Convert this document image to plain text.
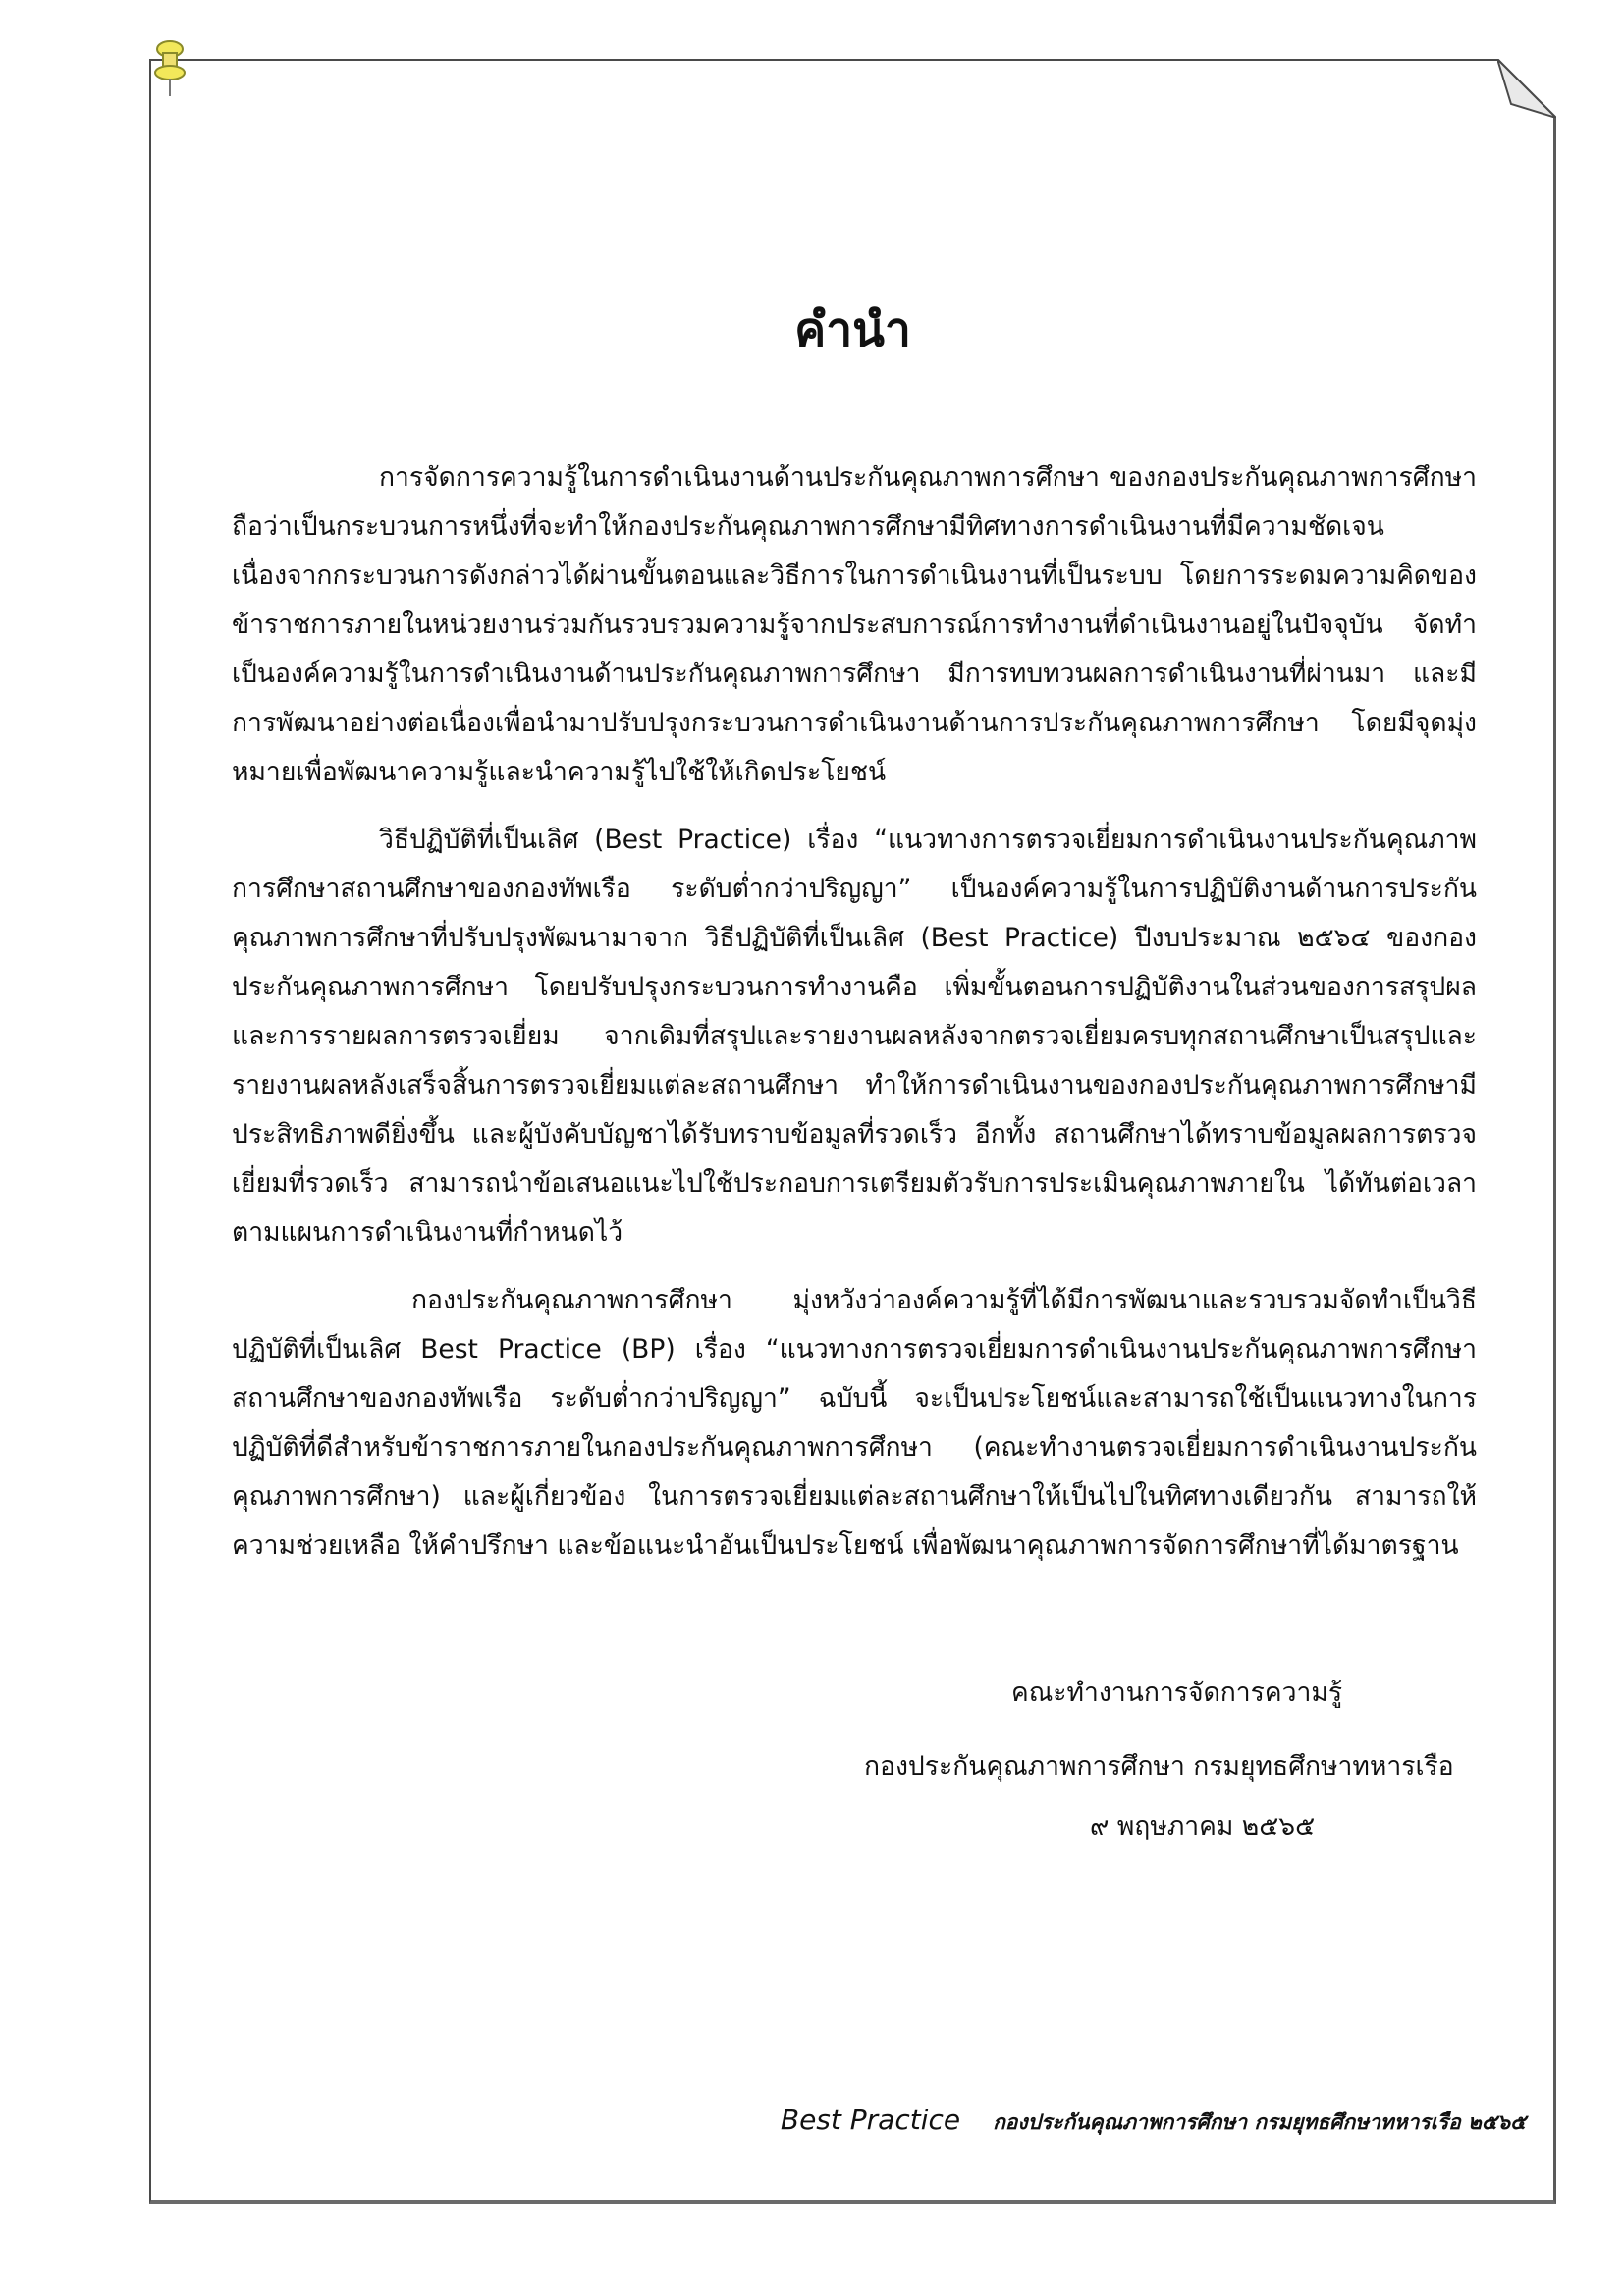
คำนำ

การจัดการความรู้ในการดำเนินงานด้านประกันคุณภาพการศึกษา ของกองประกันคุณภาพการศึกษา ถือว่าเป็นกระบวนการหนึ่งที่จะทำให้กองประกันคุณภาพการศึกษามีทิศทางการดำเนินงานที่มีความชัดเจน เนื่องจากกระบวนการดังกล่าวได้ผ่านขั้นตอนและวิธีการในการดำเนินงานที่เป็นระบบ โดยการระดมความคิดของข้าราชการภายในหน่วยงานร่วมกันรวบรวมความรู้จากประสบการณ์การทำงานที่ดำเนินงานอยู่ในปัจจุบัน จัดทำเป็นองค์ความรู้ในการดำเนินงานด้านประกันคุณภาพการศึกษา มีการทบทวนผลการดำเนินงานที่ผ่านมา และมีการพัฒนาอย่างต่อเนื่องเพื่อนำมาปรับปรุงกระบวนการดำเนินงานด้านการประกันคุณภาพการศึกษา โดยมีจุดมุ่งหมายเพื่อพัฒนาความรู้และนำความรู้ไปใช้ให้เกิดประโยชน์

วิธีปฏิบัติที่เป็นเลิศ (Best Practice) เรื่อง “แนวทางการตรวจเยี่ยมการดำเนินงานประกันคุณภาพการศึกษาสถานศึกษาของกองทัพเรือ ระดับต่ำกว่าปริญญา” เป็นองค์ความรู้ในการปฏิบัติงานด้านการประกันคุณภาพการศึกษาที่ปรับปรุงพัฒนามาจาก วิธีปฏิบัติที่เป็นเลิศ (Best Practice) ปีงบประมาณ ๒๕๖๔ ของกองประกันคุณภาพการศึกษา โดยปรับปรุงกระบวนการทำงานคือ เพิ่มขั้นตอนการปฏิบัติงานในส่วนของการสรุปผลและการรายผลการตรวจเยี่ยม จากเดิมที่สรุปและรายงานผลหลังจากตรวจเยี่ยมครบทุกสถานศึกษาเป็นสรุปและรายงานผลหลังเสร็จสิ้นการตรวจเยี่ยมแต่ละสถานศึกษา ทำให้การดำเนินงานของกองประกันคุณภาพการศึกษามีประสิทธิภาพดียิ่งขึ้น และผู้บังคับบัญชาได้รับทราบข้อมูลที่รวดเร็ว อีกทั้ง สถานศึกษาได้ทราบข้อมูลผลการตรวจเยี่ยมที่รวดเร็ว สามารถนำข้อเสนอแนะไปใช้ประกอบการเตรียมตัวรับการประเมินคุณภาพภายใน ได้ทันต่อเวลาตามแผนการดำเนินงานที่กำหนดไว้

กองประกันคุณภาพการศึกษา มุ่งหวังว่าองค์ความรู้ที่ได้มีการพัฒนาและรวบรวมจัดทำเป็นวิธีปฏิบัติที่เป็นเลิศ Best Practice (BP) เรื่อง “แนวทางการตรวจเยี่ยมการดำเนินงานประกันคุณภาพการศึกษาสถานศึกษาของกองทัพเรือ ระดับต่ำกว่าปริญญา” ฉบับนี้ จะเป็นประโยชน์และสามารถใช้เป็นแนวทางในการปฏิบัติที่ดีสำหรับข้าราชการภายในกองประกันคุณภาพการศึกษา (คณะทำงานตรวจเยี่ยมการดำเนินงานประกันคุณภาพการศึกษา) และผู้เกี่ยวข้อง ในการตรวจเยี่ยมแต่ละสถานศึกษาให้เป็นไปในทิศทางเดียวกัน สามารถให้ความช่วยเหลือ ให้คำปรึกษา และข้อแนะนำอันเป็นประโยชน์ เพื่อพัฒนาคุณภาพการจัดการศึกษาที่ได้มาตรฐาน

คณะทำงานการจัดการความรู้
กองประกันคุณภาพการศึกษา กรมยุทธศึกษาทหารเรือ
๙ พฤษภาคม ๒๕๖๕
Best Practice กองประกันคุณภาพการศึกษา กรมยุทธศึกษาทหารเรือ ๒๕๖๕
